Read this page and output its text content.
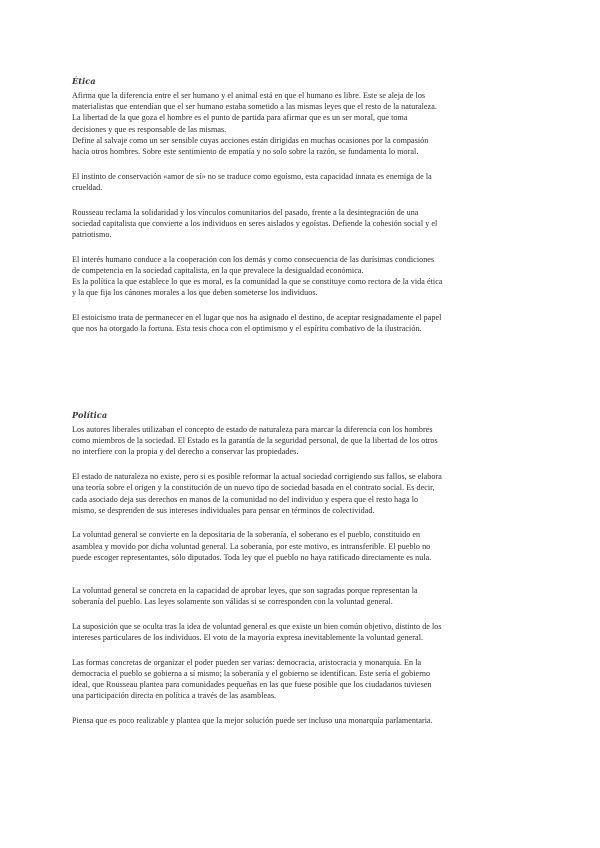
Ética
Afirma que la diferencia entre el ser humano y el animal está en que el humano es libre. Este se aleja de los
materialistas que entendían que el ser humano estaba sometido a las mismas leyes que el resto de la naturaleza.
La libertad de la que goza el hombre es el punto de partida para afirmar que es un ser moral, que toma
decisiones y que es responsable de las mismas.
Define al salvaje como un ser sensible cuyas acciones están dirigidas en muchas ocasiones por la compasión
hacia otros hombres. Sobre este sentimiento de empatía y no solo sobre la razón, se fundamenta lo moral.
El instinto de conservación «amor de sí» no se traduce como egoísmo, esta capacidad innata es enemiga de la
crueldad.
Rousseau reclama la solidaridad y los vínculos comunitarios del pasado, frente a la desintegración de una
sociedad capitalista que convierte a los individuos en seres aislados y egoístas. Defiende la cohesión social y el
patriotismo.
El interés humano conduce a la cooperación con los demás y como consecuencia de las durísimas condiciones
de competencia en la sociedad capitalista, en la que prevalece la desigualdad económica.
Es la política la que establece lo que es moral, es la comunidad la que se constituye como rectora de la vida ética
y la que fija los cánones morales a los que deben someterse los individuos.
El estoicismo trata de permanecer en el lugar que nos ha asignado el destino, de aceptar resignadamente el papel
que nos ha otorgado la fortuna. Esta tesis choca con el optimismo y el espíritu combativo de la ilustración.
Política
Los autores liberales utilizaban el concepto de estado de naturaleza para marcar la diferencia con los hombres
como miembros de la sociedad. El Estado es la garantía de la seguridad personal, de que la libertad de los otros
no interfiere con la propia y del derecho a conservar las propiedades.
El estado de naturaleza no existe, pero si es posible reformar la actual sociedad corrigiendo sus fallos, se elabora
una teoría sobre el origen y la constitución de un nuevo tipo de sociedad basada en el contrato social. Es decir,
cada asociado deja sus derechos en manos de la comunidad no del individuo y espera que el resto haga lo
mismo, se desprenden de sus intereses individuales para pensar en términos de colectividad.
La voluntad general se convierte en la depositaria de la soberanía, el soberano es el pueblo, constituido en
asamblea y movido por dicha voluntad general. La soberanía, por este motivo, es intransferible. El pueblo no
puede escoger representantes, sólo diputados. Toda ley que el pueblo no haya ratificado directamente es nula.
La voluntad general se concreta en la capacidad de aprobar leyes, que son sagradas porque representan la
soberanía del pueblo. Las leyes solamente son válidas si se corresponden con la voluntad general.
La suposición que se oculta tras la idea de voluntad general es que existe un bien común objetivo, distinto de los
intereses particulares de los individuos. El voto de la mayoría expresa inevitablemente la voluntad general.
Las formas concretas de organizar el poder pueden ser varias: democracia, aristocracia y monarquía. En la
democracia el pueblo se gobierna a sí mismo; la soberanía y el gobierno se identifican. Este sería el gobierno
ideal, que Rousseau plantea para comunidades pequeñas en las que fuese posible que los ciudadanos tuviesen
una participación directa en política a través de las asambleas.
Piensa que es poco realizable y plantea que la mejor solución puede ser incluso una monarquía parlamentaria.
